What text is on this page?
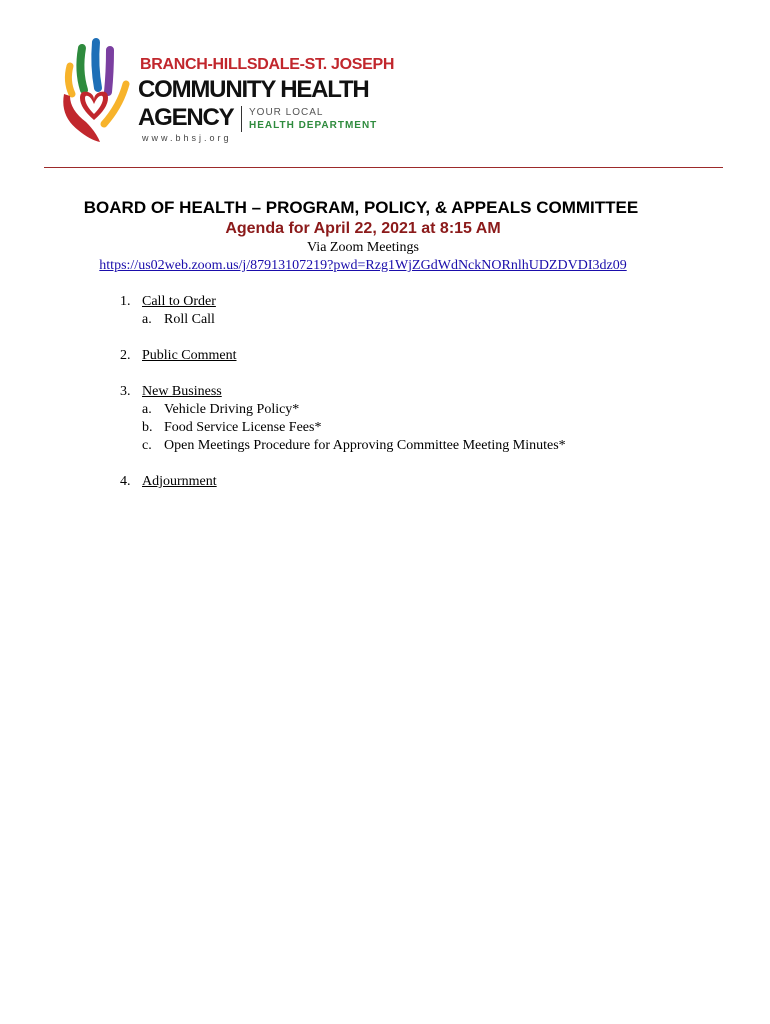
BRANCH-HILLSDALE-ST. JOSEPH
COMMUNITY HEALTH
AGENCY YOUR LOCAL
HEALTH DEPARTMENT
www.bhsj.org
BOARD OF HEALTH – PROGRAM, POLICY, & APPEALS COMMITTEE
Agenda for April 22, 2021 at 8:15 AM
Via Zoom Meetings
https://us02web.zoom.us/j/87913107219?pwd=Rzg1WjZGdWdNckNORnlhUDZDVDI3dz09
1. Call to Order
a. Roll Call
2. Public Comment
3. New Business
a. Vehicle Driving Policy*
b. Food Service License Fees*
c. Open Meetings Procedure for Approving Committee Meeting Minutes*
4. Adjournment
